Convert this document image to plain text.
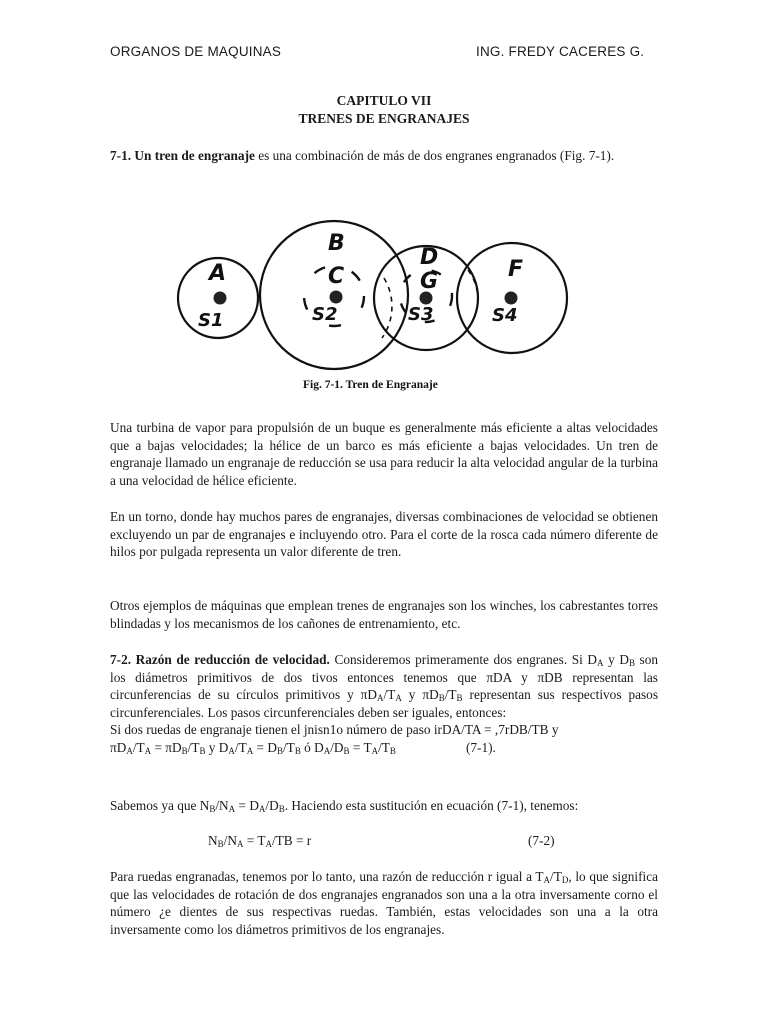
ORGANOS DE MAQUINAS	ING. FREDY CACERES G.
CAPITULO VII
TRENES DE ENGRANAJES
7-1. Un tren de engranaje es una combinación de más de dos engranes engranados (Fig. 7-1).
A
B
C
D
G	F
S1	S2	S3	S4
Fig. 7-1. Tren de Engranaje
Una turbina de vapor para propulsión de un buque es generalmente más eficiente a altas velocidades que a bajas velocidades; la hélice de un barco es más eficiente a bajas velocidades. Un tren de engranaje llamado un engranaje de reducción se usa para reducir la alta velocidad angular de la turbina a una velocidad de hélice eficiente.
En un torno, donde hay muchos pares de engranajes, diversas combinaciones de velocidad se obtienen excluyendo un par de engranajes e incluyendo otro. Para el corte de la rosca cada número diferente de hilos por pulgada representa un valor diferente de tren.
Otros ejemplos de máquinas que emplean trenes de engranajes son los winches, los cabrestantes torres blindadas y los mecanismos de los cañones de entrenamiento, etc.
7-2. Razón de reducción de velocidad. Consideremos primeramente dos engranes. Si $D_A$ y $D_B$ son los diámetros primitivos de dos tivos entonces tenemos que πDA y πDB representan las circunferencias de su círculos primitivos y $\pi D_A/T_A$ y $\pi D_B/T_B$ representan sus respectivos pasos circunferenciales. Los pasos circunferenciales deben ser iguales, entonces:
Si dos ruedas de engranaje tienen el jnisn1o número de paso irDA/TA = ,7rDB/TB y
$\pi D_A/T_A = \pi D_B/T_B$ y $D_A/T_A = D_B/T_B$ ó $D_A/D_B = T_A/T_B$	(7-1).
Sabemos ya que $N_B/N_A = D_A/D_B$. Haciendo esta sustitución en ecuación (7-1), tenemos:
$N_B/N_A = T_A/TB = r$	(7-2)
Para ruedas engranadas, tenemos por lo tanto, una razón de reducción r igual a $T_A/T_D$, lo que significa que las velocidades de rotación de dos engranajes engranados son una a la otra inversamente corno el número ¿e dientes de sus respectivas ruedas. También, estas velocidades son una a la otra inversamente como los diámetros primitivos de los engranajes.
